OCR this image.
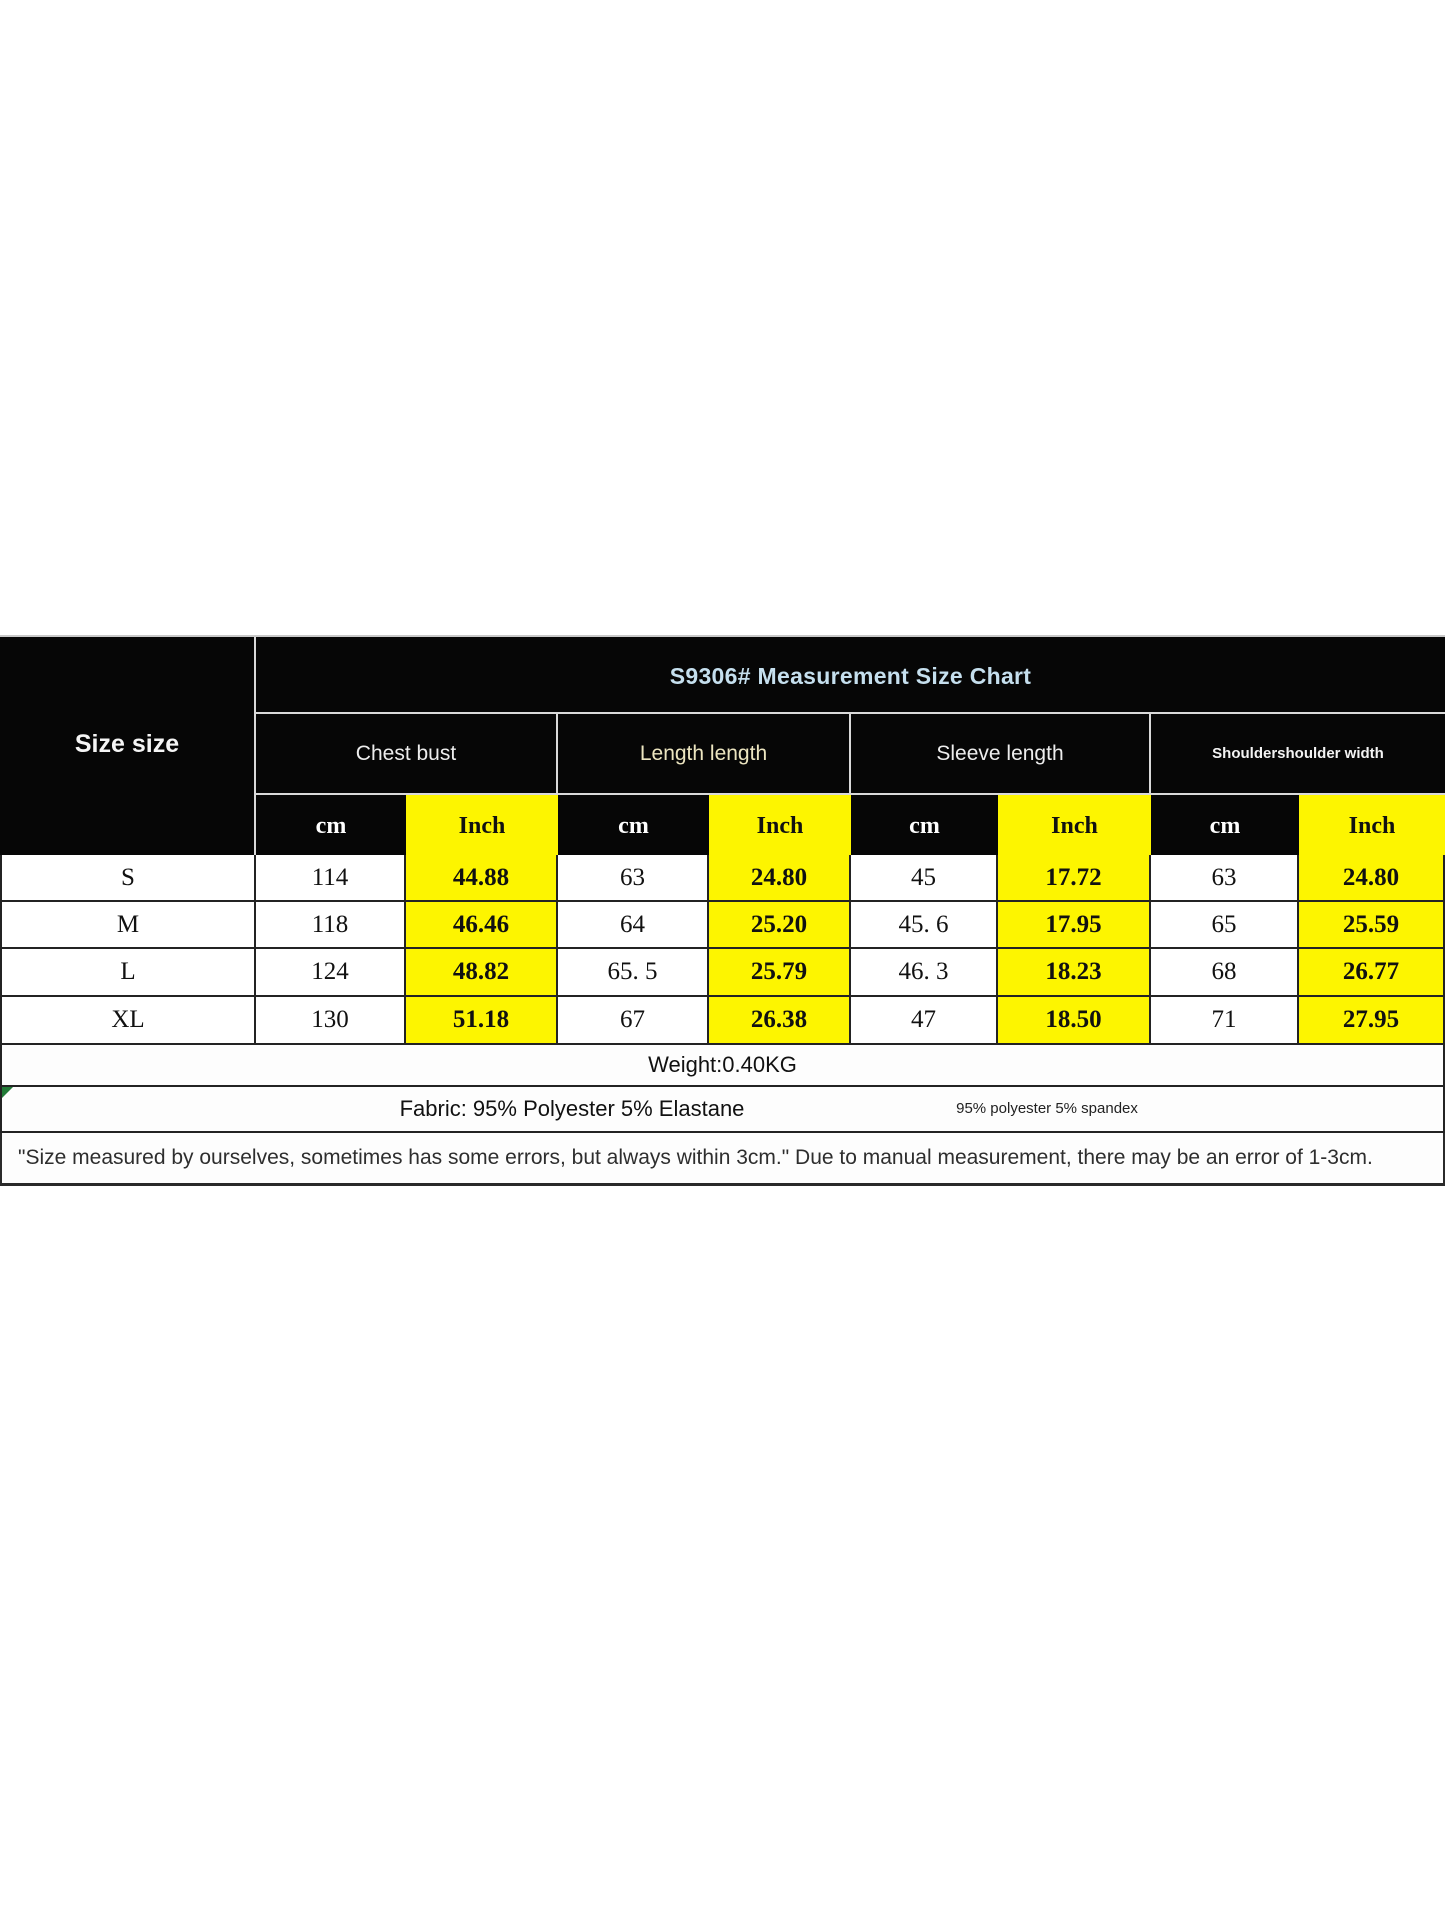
Size size
S9306# Measurement Size Chart
Chest bust	Length length	Sleeve length	Shouldershoulder width
cm	Inch	cm	Inch	cm	Inch	cm	Inch
S	114	44.88	63	24.80	45	17.72	63	24.80
M	118	46.46	64	25.20	45. 6	17.95	65	25.59
L	124	48.82	65. 5	25.79	46. 3	18.23	68	26.77
XL	130	51.18	67	26.38	47	18.50	71	27.95
Weight:0.40KG
Fabric: 95% Polyester 5% Elastane	95% polyester 5% spandex
"Size measured by ourselves, sometimes has some errors, but always within 3cm." Due to manual measurement, there may be an error of 1-3cm.
